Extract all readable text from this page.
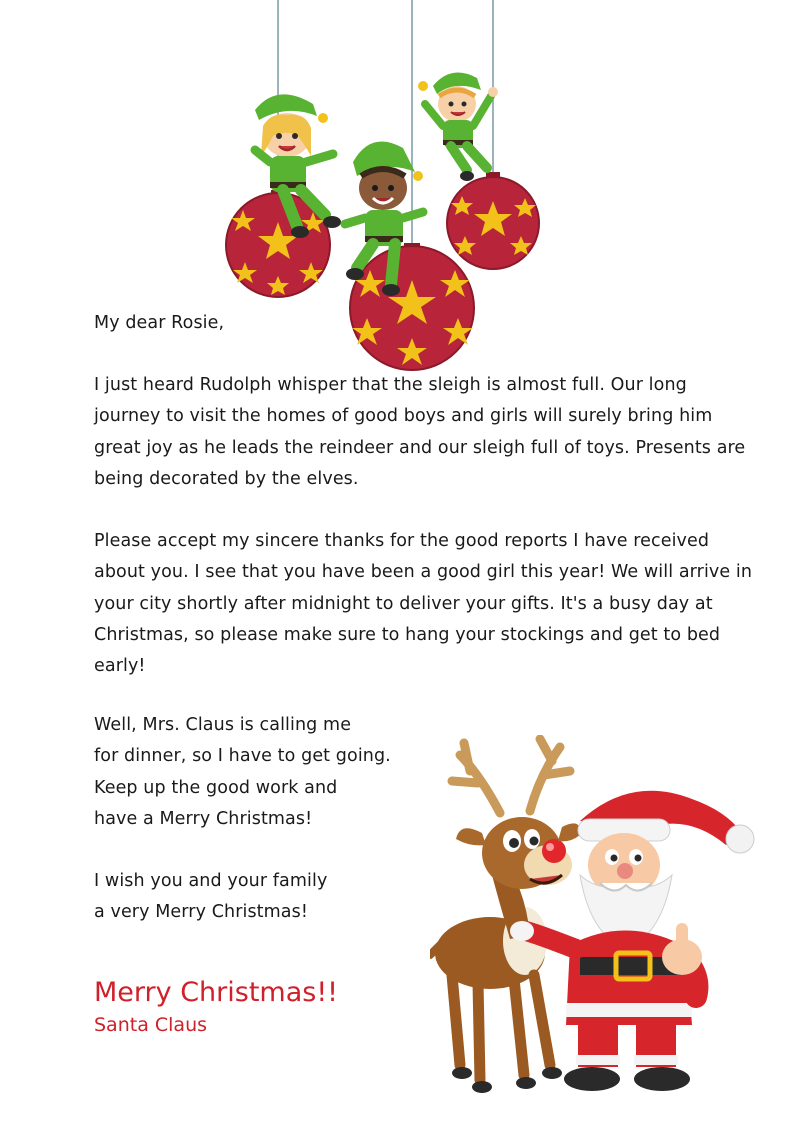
My dear Rosie,

I just heard Rudolph whisper that the sleigh is almost full. Our long
journey to visit the homes of good boys and girls will surely bring him
great joy as he leads the reindeer and our sleigh full of toys. Presents are
being decorated by the elves.

Please accept my sincere thanks for the good reports I have received
about you. I see that you have been a good girl this year! We will arrive in
your city shortly after midnight to deliver your gifts. It's a busy day at
Christmas, so please make sure to hang your stockings and get to bed
early!

Well, Mrs. Claus is calling me
for dinner, so I have to get going.
Keep up the good work and
have a Merry Christmas!

I wish you and your family
a very Merry Christmas!

Merry Christmas!!
Santa Claus
